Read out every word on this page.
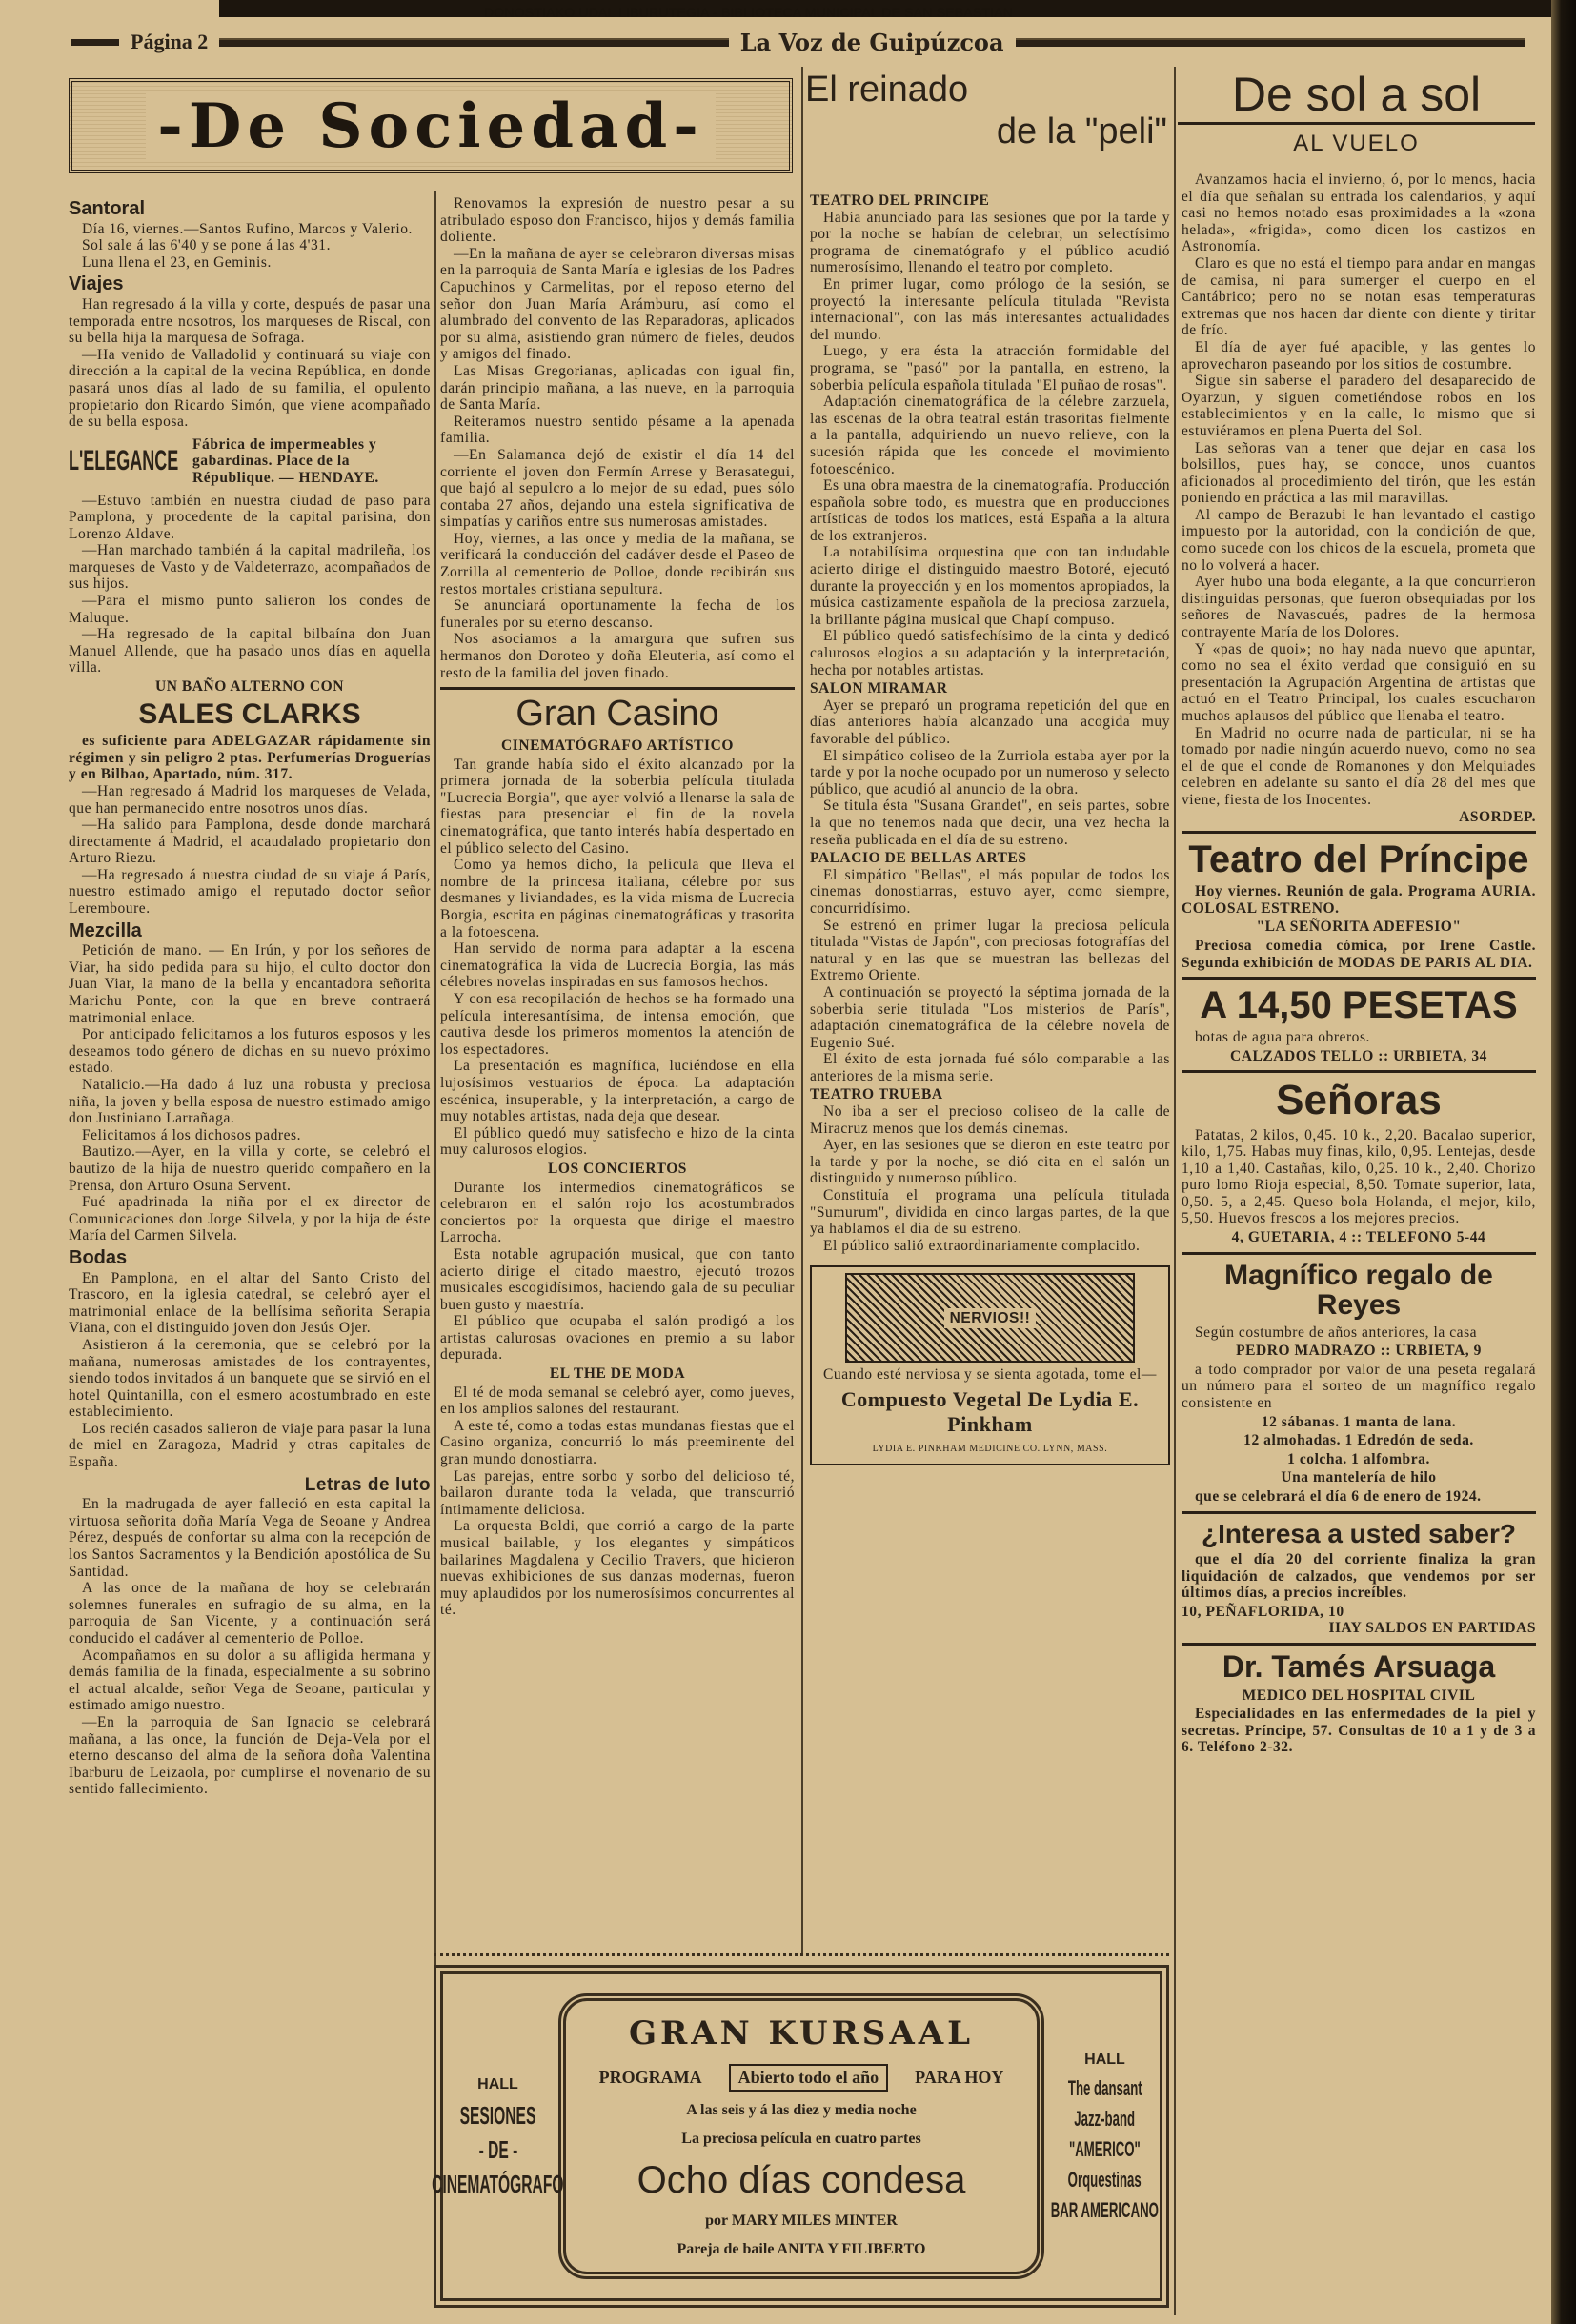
DONOSTIAKO UDAL LIBURUTEGIA - BIBLIOTECA MUNICIPAL DE SAN SEBASTIAN
Página 2	La Voz de Guipúzcoa
-De Sociedad-
El reinado
de la "peli"
De sol a sol
AL VUELO
Santoral

Día 16, viernes.—Santos Rufino, Marcos y Valerio.

Sol sale á las 6'40 y se pone á las 4'31.

Luna llena el 23, en Geminis.

Viajes

Han regresado á la villa y corte, después de pasar una temporada entre nosotros, los marqueses de Riscal, con su bella hija la marquesa de Sofraga.

—Ha venido de Valladolid y continuará su viaje con dirección a la capital de la vecina República, en donde pasará unos días al lado de su familia, el opulento propietario don Ricardo Simón, que viene acompañado de su bella esposa.

L'ELEGANCE
Fábrica de impermeables y gabardinas. Place de la République. — HENDAYE.

—Estuvo también en nuestra ciudad de paso para Pamplona, y procedente de la capital parisina, don Lorenzo Aldave.

—Han marchado también á la capital madrileña, los marqueses de Vasto y de Valdeterrazo, acompañados de sus hijos.

—Para el mismo punto salieron los condes de Maluque.

—Ha regresado de la capital bilbaína don Juan Manuel Allende, que ha pasado unos días en aquella villa.

UN BAÑO ALTERNO CON
SALES CLARKS

es suficiente para ADELGAZAR rápidamente sin régimen y sin peligro 2 ptas. Perfumerías Droguerías y en Bilbao, Apartado, núm. 317.

—Han regresado á Madrid los marqueses de Velada, que han permanecido entre nosotros unos días.

—Ha salido para Pamplona, desde donde marchará directamente á Madrid, el acaudalado propietario don Arturo Riezu.

—Ha regresado á nuestra ciudad de su viaje á París, nuestro estimado amigo el reputado doctor señor Leremboure.

Mezcilla

Petición de mano. — En Irún, y por los señores de Viar, ha sido pedida para su hijo, el culto doctor don Juan Viar, la mano de la bella y encantadora señorita Marichu Ponte, con la que en breve contraerá matrimonial enlace.

Por anticipado felicitamos a los futuros esposos y les deseamos todo género de dichas en su nuevo próximo estado.

Natalicio.—Ha dado á luz una robusta y preciosa niña, la joven y bella esposa de nuestro estimado amigo don Justiniano Larrañaga.

Felicitamos á los dichosos padres.

Bautizo.—Ayer, en la villa y corte, se celebró el bautizo de la hija de nuestro querido compañero en la Prensa, don Arturo Osuna Servent.

Fué apadrinada la niña por el ex director de Comunicaciones don Jorge Silvela, y por la hija de éste María del Carmen Silvela.

Bodas

En Pamplona, en el altar del Santo Cristo del Trascoro, en la iglesia catedral, se celebró ayer el matrimonial enlace de la bellísima señorita Serapia Viana, con el distinguido joven don Jesús Ojer.

Asistieron á la ceremonia, que se celebró por la mañana, numerosas amistades de los contrayentes, siendo todos invitados á un banquete que se sirvió en el hotel Quintanilla, con el esmero acostumbrado en este establecimiento.

Los recién casados salieron de viaje para pasar la luna de miel en Zaragoza, Madrid y otras capitales de España.

Letras de luto

En la madrugada de ayer falleció en esta capital la virtuosa señorita doña María Vega de Seoane y Andrea Pérez, después de confortar su alma con la recepción de los Santos Sacramentos y la Bendición apostólica de Su Santidad.

A las once de la mañana de hoy se celebrarán solemnes funerales en sufragio de su alma, en la parroquia de San Vicente, y a continuación será conducido el cadáver al cementerio de Polloe.

Acompañamos en su dolor a su afligida hermana y demás familia de la finada, especialmente a su sobrino el actual alcalde, señor Vega de Seoane, particular y estimado amigo nuestro.

—En la parroquia de San Ignacio se celebrará mañana, a las once, la función de Deja-Vela por el eterno descanso del alma de la señora doña Valentina Ibarburu de Leizaola, por cumplirse el novenario de su sentido fallecimiento.

Renovamos la expresión de nuestro pesar a su atribulado esposo don Francisco, hijos y demás familia doliente.

—En la mañana de ayer se celebraron diversas misas en la parroquia de Santa María e iglesias de los Padres Capuchinos y Carmelitas, por el reposo eterno del señor don Juan María Arámburu, así como el alumbrado del convento de las Reparadoras, aplicados por su alma, asistiendo gran número de fieles, deudos y amigos del finado.

Las Misas Gregorianas, aplicadas con igual fin, darán principio mañana, a las nueve, en la parroquia de Santa María.

Reiteramos nuestro sentido pésame a la apenada familia.

—En Salamanca dejó de existir el día 14 del corriente el joven don Fermín Arrese y Berasategui, que bajó al sepulcro a lo mejor de su edad, pues sólo contaba 27 años, dejando una estela significativa de simpatías y cariños entre sus numerosas amistades.

Hoy, viernes, a las once y media de la mañana, se verificará la conducción del cadáver desde el Paseo de Zorrilla al cementerio de Polloe, donde recibirán sus restos mortales cristiana sepultura.

Se anunciará oportunamente la fecha de los funerales por su eterno descanso.

Nos asociamos a la amargura que sufren sus hermanos don Doroteo y doña Eleuteria, así como el resto de la familia del joven finado.

Gran Casino
CINEMATÓGRAFO ARTÍSTICO

Tan grande había sido el éxito alcanzado por la primera jornada de la soberbia película titulada "Lucrecia Borgia", que ayer volvió a llenarse la sala de fiestas para presenciar el fin de la novela cinematográfica, que tanto interés había despertado en el público selecto del Casino.

Como ya hemos dicho, la película que lleva el nombre de la princesa italiana, célebre por sus desmanes y liviandades, es la vida misma de Lucrecia Borgia, escrita en páginas cinematográficas y trasorita a la fotoescena.

Han servido de norma para adaptar a la escena cinematográfica la vida de Lucrecia Borgia, las más célebres novelas inspiradas en sus famosos hechos.

Y con esa recopilación de hechos se ha formado una película interesantísima, de intensa emoción, que cautiva desde los primeros momentos la atención de los espectadores.

La presentación es magnífica, luciéndose en ella lujosísimos vestuarios de época. La adaptación escénica, insuperable, y la interpretación, a cargo de muy notables artistas, nada deja que desear.

El público quedó muy satisfecho e hizo de la cinta muy calurosos elogios.

LOS CONCIERTOS

Durante los intermedios cinematográficos se celebraron en el salón rojo los acostumbrados conciertos por la orquesta que dirige el maestro Larrocha.

Esta notable agrupación musical, que con tanto acierto dirige el citado maestro, ejecutó trozos musicales escogidísimos, haciendo gala de su peculiar buen gusto y maestría.

El público que ocupaba el salón prodigó a los artistas calurosas ovaciones en premio a su labor depurada.

EL THE DE MODA

El té de moda semanal se celebró ayer, como jueves, en los amplios salones del restaurant.

A este té, como a todas estas mundanas fiestas que el Casino organiza, concurrió lo más preeminente del gran mundo donostiarra.

Las parejas, entre sorbo y sorbo del delicioso té, bailaron durante toda la velada, que transcurrió íntimamente deliciosa.

La orquesta Boldi, que corrió a cargo de la parte musical bailable, y los elegantes y simpáticos bailarines Magdalena y Cecilio Travers, que hicieron nuevas exhibiciones de sus danzas modernas, fueron muy aplaudidos por los numerosísimos concurrentes al té.

TEATRO DEL PRINCIPE

Había anunciado para las sesiones que por la tarde y por la noche se habían de celebrar, un selectísimo programa de cinematógrafo y el público acudió numerosísimo, llenando el teatro por completo.

En primer lugar, como prólogo de la sesión, se proyectó la interesante película titulada "Revista internacional", con las más interesantes actualidades del mundo.

Luego, y era ésta la atracción formidable del programa, se "pasó" por la pantalla, en estreno, la soberbia película española titulada "El puñao de rosas".

Adaptación cinematográfica de la célebre zarzuela, las escenas de la obra teatral están trasoritas fielmente a la pantalla, adquiriendo un nuevo relieve, con la sucesión rápida que les concede el movimiento fotoescénico.

Es una obra maestra de la cinematografía. Producción española sobre todo, es muestra que en producciones artísticas de todos los matices, está España a la altura de los extranjeros.

La notabilísima orquestina que con tan indudable acierto dirige el distinguido maestro Botoré, ejecutó durante la proyección y en los momentos apropiados, la música castizamente española de la preciosa zarzuela, la brillante página musical que Chapí compuso.

El público quedó satisfechísimo de la cinta y dedicó calurosos elogios a su adaptación y la interpretación, hecha por notables artistas.

SALON MIRAMAR

Ayer se preparó un programa repetición del que en días anteriores había alcanzado una acogida muy favorable del público.

El simpático coliseo de la Zurriola estaba ayer por la tarde y por la noche ocupado por un numeroso y selecto público, que acudió al anuncio de la obra.

Se titula ésta "Susana Grandet", en seis partes, sobre la que no tenemos nada que decir, una vez hecha la reseña publicada en el día de su estreno.

PALACIO DE BELLAS ARTES

El simpático "Bellas", el más popular de todos los cinemas donostiarras, estuvo ayer, como siempre, concurridísimo.

Se estrenó en primer lugar la preciosa película titulada "Vistas de Japón", con preciosas fotografías del natural y en las que se muestran las bellezas del Extremo Oriente.

A continuación se proyectó la séptima jornada de la soberbia serie titulada "Los misterios de París", adaptación cinematográfica de la célebre novela de Eugenio Sué.

El éxito de esta jornada fué sólo comparable a las anteriores de la misma serie.

TEATRO TRUEBA

No iba a ser el precioso coliseo de la calle de Miracruz menos que los demás cinemas.

Ayer, en las sesiones que se dieron en este teatro por la tarde y por la noche, se dió cita en el salón un distinguido y numeroso público.

Constituía el programa una película titulada "Sumurum", dividida en cinco largas partes, de la que ya hablamos el día de su estreno.

El público salió extraordinariamente complacido.

NERVIOS!!
Cuando esté nerviosa y se sienta agotada, tome el—
Compuesto Vegetal De Lydia E. Pinkham
LYDIA E. PINKHAM MEDICINE CO. LYNN, MASS.

Avanzamos hacia el invierno, ó, por lo menos, hacia el día que señalan su entrada los calendarios, y aquí casi no hemos notado esas proximidades a la «zona helada», «frigida», como dicen los castizos en Astronomía.

Claro es que no está el tiempo para andar en mangas de camisa, ni para sumerger el cuerpo en el Cantábrico; pero no se notan esas temperaturas extremas que nos hacen dar diente con diente y tiritar de frío.

El día de ayer fué apacible, y las gentes lo aprovecharon paseando por los sitios de costumbre.

Sigue sin saberse el paradero del desaparecido de Oyarzun, y siguen cometiéndose robos en los establecimientos y en la calle, lo mismo que si estuviéramos en plena Puerta del Sol.

Las señoras van a tener que dejar en casa los bolsillos, pues hay, se conoce, unos cuantos aficionados al procedimiento del tirón, que les están poniendo en práctica a las mil maravillas.

Al campo de Berazubi le han levantado el castigo impuesto por la autoridad, con la condición de que, como sucede con los chicos de la escuela, prometa que no lo volverá a hacer.

Ayer hubo una boda elegante, a la que concurrieron distinguidas personas, que fueron obsequiadas por los señores de Navascués, padres de la hermosa contrayente María de los Dolores.

Y «pas de quoi»; no hay nada nuevo que apuntar, como no sea el éxito verdad que consiguió en su presentación la Agrupación Argentina de artistas que actuó en el Teatro Principal, los cuales escucharon muchos aplausos del público que llenaba el teatro.

En Madrid no ocurre nada de particular, ni se ha tomado por nadie ningún acuerdo nuevo, como no sea el de que el conde de Romanones y don Melquiades celebren en adelante su santo el día 28 del mes que viene, fiesta de los Inocentes.

ASORDEP.
Teatro del Príncipe

Hoy viernes. Reunión de gala. Programa AURIA. COLOSAL ESTRENO.

"LA SEÑORITA ADEFESIO"

Preciosa comedia cómica, por Irene Castle. Segunda exhibición de MODAS DE PARIS AL DIA.

A 14,50 PESETAS

botas de agua para obreros.

CALZADOS TELLO :: URBIETA, 34
Señoras

Patatas, 2 kilos, 0,45. 10 k., 2,20. Bacalao superior, kilo, 1,75. Habas muy finas, kilo, 0,95. Lentejas, desde 1,10 a 1,40. Castañas, kilo, 0,25. 10 k., 2,40. Chorizo puro lomo Rioja especial, 8,50. Tomate superior, lata, 0,50. 5, a 2,45. Queso bola Holanda, el mejor, kilo, 5,50. Huevos frescos a los mejores precios.

4, GUETARIA, 4 :: TELEFONO 5-44
Magnífico regalo de Reyes

Según costumbre de años anteriores, la casa

PEDRO MADRAZO :: URBIETA, 9

a todo comprador por valor de una peseta regalará un número para el sorteo de un magnífico regalo consistente en

12 sábanas. 1 manta de lana.
12 almohadas. 1 Edredón de seda.
1 colcha. 1 alfombra.
Una mantelería de hilo

que se celebrará el día 6 de enero de 1924.

¿Interesa a usted saber?

que el día 20 del corriente finaliza la gran liquidación de calzados, que vendemos por ser últimos días, a precios increíbles.

10, PEÑAFLORIDA, 10
HAY SALDOS EN PARTIDAS
Dr. Tamés Arsuaga
MEDICO DEL HOSPITAL CIVIL

Especialidades en las enfermedades de la piel y secretas. Príncipe, 57. Consultas de 10 a 1 y de 3 a 6. Teléfono 2-32.

HALL
SESIONES
- DE -
CINEMATÓGRAFO
GRAN KURSAAL
PROGRAMA	Abierto todo el año	PARA HOY
A las seis y á las diez y media noche
La preciosa película en cuatro partes
Ocho días condesa
por MARY MILES MINTER
Pareja de baile ANITA Y FILIBERTO
HALL
The dansant
Jazz-band
"AMERICO"
Orquestinas
BAR AMERICANO
